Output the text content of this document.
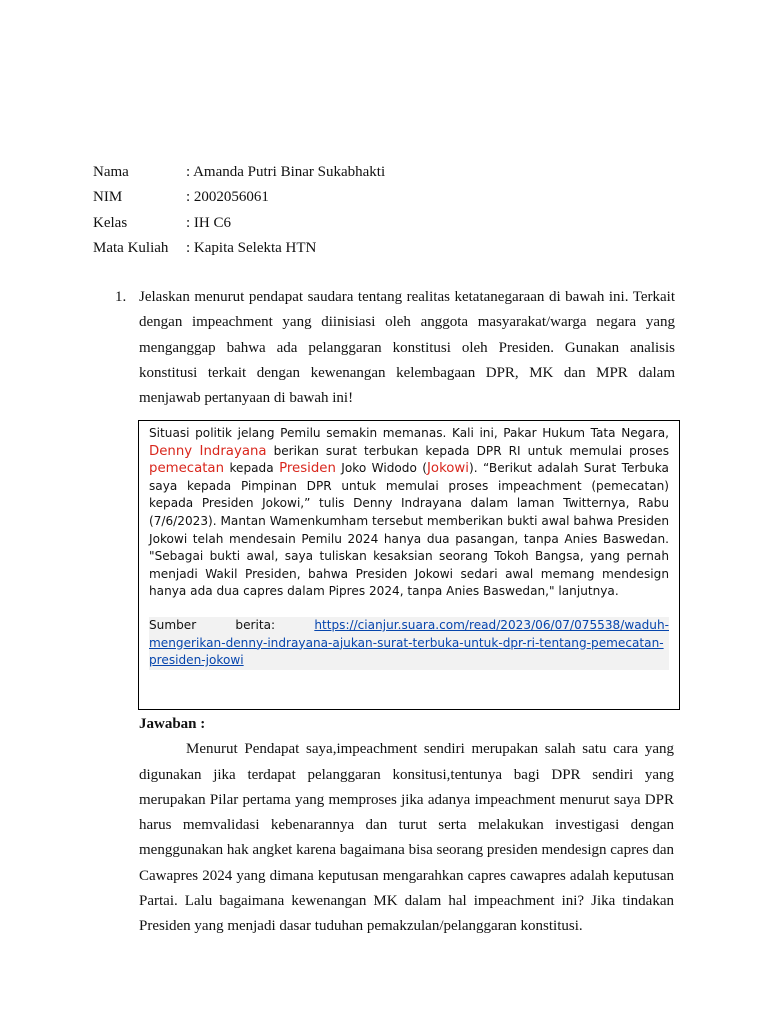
Nama	: Amanda Putri Binar Sukabhakti
NIM	: 2002056061
Kelas	: IH C6
Mata Kuliah : Kapita Selekta HTN
1. Jelaskan menurut pendapat saudara tentang realitas ketatanegaraan di bawah ini. Terkait dengan impeachment yang diinisiasi oleh anggota masyarakat/warga negara yang menganggap bahwa ada pelanggaran konstitusi oleh Presiden. Gunakan analisis konstitusi terkait dengan kewenangan kelembagaan DPR, MK dan MPR dalam menjawab pertanyaan di bawah ini!

Situasi politik jelang Pemilu semakin memanas. Kali ini, Pakar Hukum Tata Negara, Denny Indrayana berikan surat terbukan kepada DPR RI untuk memulai proses pemecatan kepada Presiden Joko Widodo (Jokowi). “Berikut adalah Surat Terbuka saya kepada Pimpinan DPR untuk memulai proses impeachment (pemecatan) kepada Presiden Jokowi,” tulis Denny Indrayana dalam laman Twitternya, Rabu (7/6/2023). Mantan Wamenkumham tersebut memberikan bukti awal bahwa Presiden Jokowi telah mendesain Pemilu 2024 hanya dua pasangan, tanpa Anies Baswedan. "Sebagai bukti awal, saya tuliskan kesaksian seorang Tokoh Bangsa, yang pernah menjadi Wakil Presiden, bahwa Presiden Jokowi sedari awal memang mendesign hanya ada dua capres dalam Pipres 2024, tanpa Anies Baswedan," lanjutnya.

Sumber	berita:	https://cianjur.suara.com/read/2023/06/07/075538/waduh-
mengerikan-denny-indrayana-ajukan-surat-terbuka-untuk-dpr-ri-tentang-pemecatan-presiden-jokowi
Jawaban :

Menurut Pendapat saya,impeachment sendiri merupakan salah satu cara yang digunakan jika terdapat pelanggaran konsitusi,tentunya bagi DPR sendiri yang merupakan Pilar pertama yang memproses jika adanya impeachment menurut saya DPR harus memvalidasi kebenarannya dan turut serta melakukan investigasi dengan menggunakan hak angket karena bagaimana bisa seorang presiden mendesign capres dan Cawapres 2024 yang dimana keputusan mengarahkan capres cawapres adalah keputusan Partai. Lalu bagaimana kewenangan MK dalam hal impeachment ini? Jika tindakan Presiden yang menjadi dasar tuduhan pemakzulan/pelanggaran konstitusi.
